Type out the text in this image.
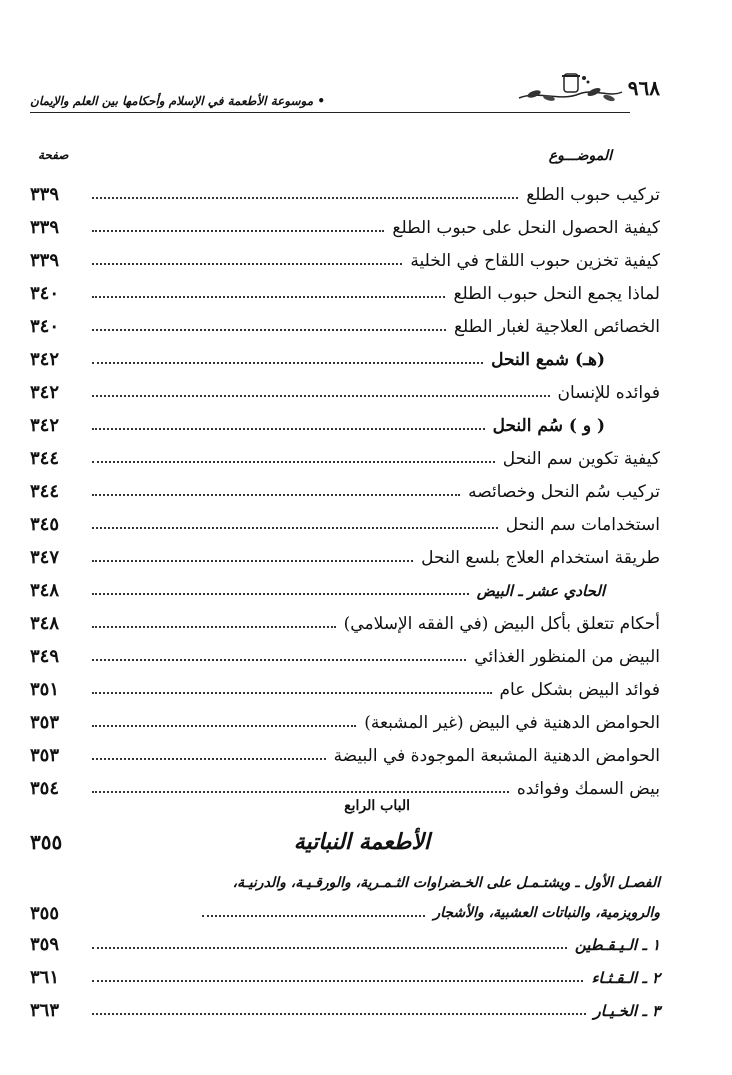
• موسوعة الأطعمة في الإسلام وأحكامها بين العلم والإيمان
٩٦٨
الموضـــوع
صفحة
٣٣٩	تركيب حبوب الطلع
٣٣٩	كيفية الحصول النحل على حبوب الطلع
٣٣٩	كيفية تخزين حبوب اللقاح في الخلية
٣٤٠	لماذا يجمع النحل حبوب الطلع
٣٤٠	الخصائص العلاجية لغبار الطلع
٣٤٢	(هـ) شمع النحل
٣٤٢	فوائده للإنسان
٣٤٢	( و ) سُم النحل
٣٤٤	كيفية تكوين سم النحل
٣٤٤	تركيب سُم النحل وخصائصه
٣٤٥	استخدامات سم النحل
٣٤٧	طريقة استخدام العلاج بلسع النحل
٣٤٨	الحادي عشر ـ البيض
٣٤٨	أحكام تتعلق بأكل البيض (في الفقه الإسلامي)
٣٤٩	البيض من المنظور الغذائي
٣٥١	فوائد البيض بشكل عام
٣٥٣	الحوامض الدهنية في البيض (غير المشبعة)
٣٥٣	الحوامض الدهنية المشبعة الموجودة في البيضة
٣٥٤	بيض السمك وفوائده
الباب الرابع
٣٥٥	الأطعمة النباتية
الفصـل الأول ـ ويشتـمـل على الخـضراوات الثـمـرية، والورقـيـة، والدرنيـة،
٣٥٥	والرويزمية، والنباتات العشبية، والأشجار
٣٥٩	١ ـ الـيـقـطين
٣٦١	٢ ـ الـقـثـاء
٣٦٣	٣ ـ الخـيـار
